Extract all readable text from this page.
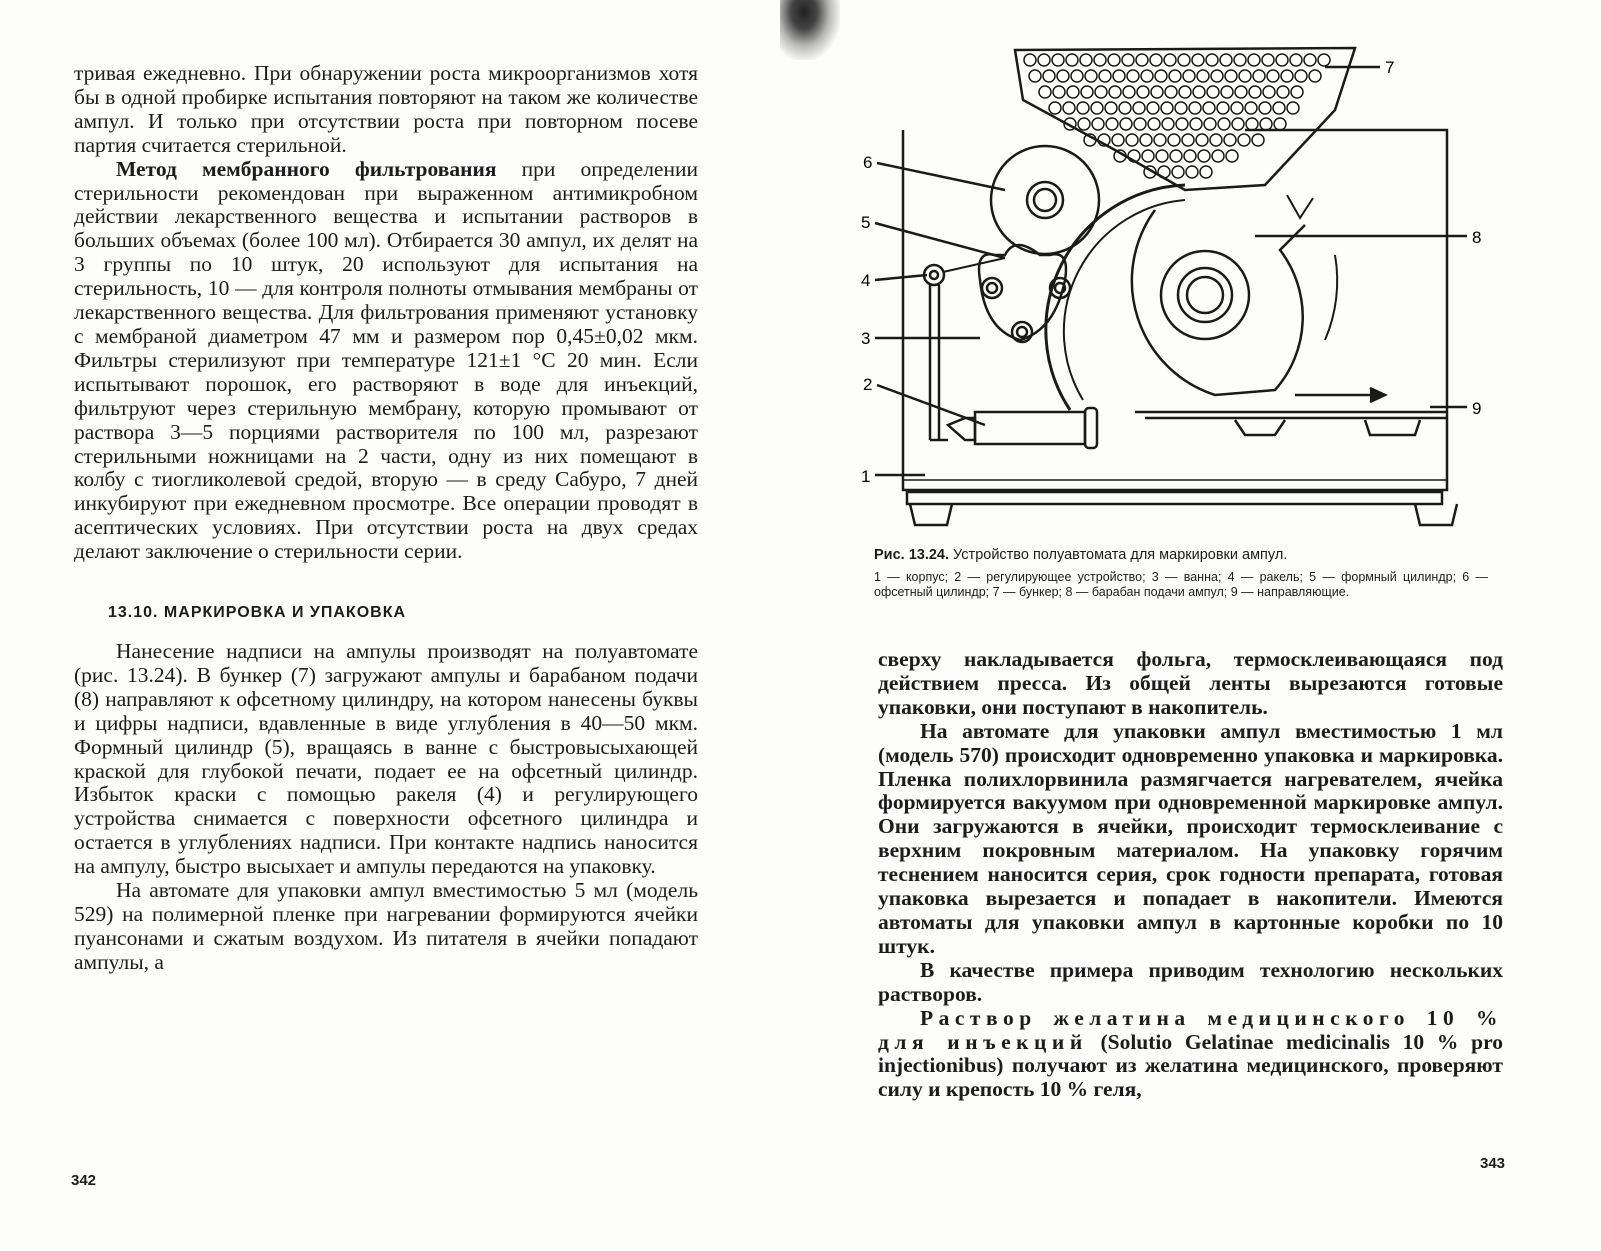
тривая ежедневно. При обнаружении роста микроорганизмов хотя бы в одной пробирке испытания повторяют на таком же количестве ампул. И только при отсутствии роста при повторном посеве партия считается стерильной.

Метод мембранного фильтрования при определении стерильности рекомендован при выраженном антимикробном действии лекарственного вещества и испытании растворов в больших объемах (более 100 мл). Отбирается 30 ампул, их делят на 3 группы по 10 штук, 20 используют для испытания на стерильность, 10 — для контроля полноты отмывания мембраны от лекарственного вещества. Для фильтрования применяют установку с мембраной диаметром 47 мм и размером пор 0,45±0,02 мкм. Фильтры стерилизуют при температуре 121±1 °С 20 мин. Если испытывают порошок, его растворяют в воде для инъекций, фильтруют через стерильную мембрану, которую промывают от раствора 3—5 порциями растворителя по 100 мл, разрезают стерильными ножницами на 2 части, одну из них помещают в колбу с тиогликолевой средой, вторую — в среду Сабуро, 7 дней инкубируют при ежедневном просмотре. Все операции проводят в асептических условиях. При отсутствии роста на двух средах делают заключение о стерильности серии.

13.10. МАРКИРОВКА И УПАКОВКА

Нанесение надписи на ампулы производят на полуавтомате (рис. 13.24). В бункер (7) загружают ампулы и барабаном подачи (8) направляют к офсетному цилиндру, на котором нанесены буквы и цифры надписи, вдавленные в виде углубления в 40—50 мкм. Формный цилиндр (5), вращаясь в ванне с быстровысыхающей краской для глубокой печати, подает ее на офсетный цилиндр. Избыток краски с помощью ракеля (4) и регулирующего устройства снимается с поверхности офсетного цилиндра и остается в углублениях надписи. При контакте надпись наносится на ампулу, быстро высыхает и ампулы передаются на упаковку.

На автомате для упаковки ампул вместимостью 5 мл (модель 529) на полимерной пленке при нагревании формируются ячейки пуансонами и сжатым воздухом. Из питателя в ячейки попадают ампулы, а

342
6
5
4
3
2
1
7
8
9

Рис. 13.24. Устройство полуавтомата для маркировки ампул.

1 — корпус; 2 — регулирующее устройство; 3 — ванна; 4 — ракель; 5 — формный цилиндр; 6 — офсетный цилиндр; 7 — бункер; 8 — барабан подачи ампул; 9 — направляющие.

сверху накладывается фольга, термосклеивающаяся под действием пресса. Из общей ленты вырезаются готовые упаковки, они поступают в накопитель.

На автомате для упаковки ампул вместимостью 1 мл (модель 570) происходит одновременно упаковка и маркировка. Пленка полихлорвинила размягчается нагревателем, ячейка формируется вакуумом при одновременной маркировке ампул. Они загружаются в ячейки, происходит термосклеивание с верхним покровным материалом. На упаковку горячим теснением наносится серия, срок годности препарата, готовая упаковка вырезается и попадает в накопители. Имеются автоматы для упаковки ампул в картонные коробки по 10 штук.

В качестве примера приводим технологию нескольких растворов.

Раствор желатина медицинского 10 % для инъекций (Solutio Gelatinae medicinalis 10 % pro injectionibus) получают из желатина медицинского, проверяют силу и крепость 10 % геля,

343
